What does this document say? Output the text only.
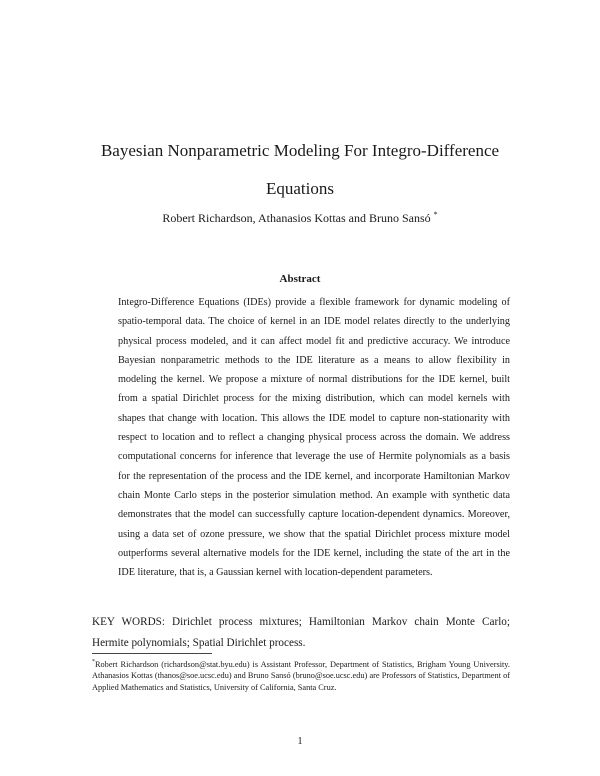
Bayesian Nonparametric Modeling For Integro-Difference
Equations
Robert Richardson, Athanasios Kottas and Bruno Sansó *
Abstract
Integro-Difference Equations (IDEs) provide a flexible framework for dynamic modeling of spatio-temporal data. The choice of kernel in an IDE model relates directly to the underlying physical process modeled, and it can affect model fit and predictive accuracy. We introduce Bayesian nonparametric methods to the IDE literature as a means to allow flexibility in modeling the kernel. We propose a mixture of normal distributions for the IDE kernel, built from a spatial Dirichlet process for the mixing distribution, which can model kernels with shapes that change with location. This allows the IDE model to capture non-stationarity with respect to location and to reflect a changing physical process across the domain. We address computational concerns for inference that leverage the use of Hermite polynomials as a basis for the representation of the process and the IDE kernel, and incorporate Hamiltonian Markov chain Monte Carlo steps in the posterior simulation method. An example with synthetic data demonstrates that the model can successfully capture location-dependent dynamics. Moreover, using a data set of ozone pressure, we show that the spatial Dirichlet process mixture model outperforms several alternative models for the IDE kernel, including the state of the art in the IDE literature, that is, a Gaussian kernel with location-dependent parameters.
KEY WORDS: Dirichlet process mixtures; Hamiltonian Markov chain Monte Carlo; Hermite polynomials; Spatial Dirichlet process.
*Robert Richardson (richardson@stat.byu.edu) is Assistant Professor, Department of Statistics, Brigham Young University. Athanasios Kottas (thanos@soe.ucsc.edu) and Bruno Sansó (bruno@soe.ucsc.edu) are Professors of Statistics, Department of Applied Mathematics and Statistics, University of California, Santa Cruz.
1
